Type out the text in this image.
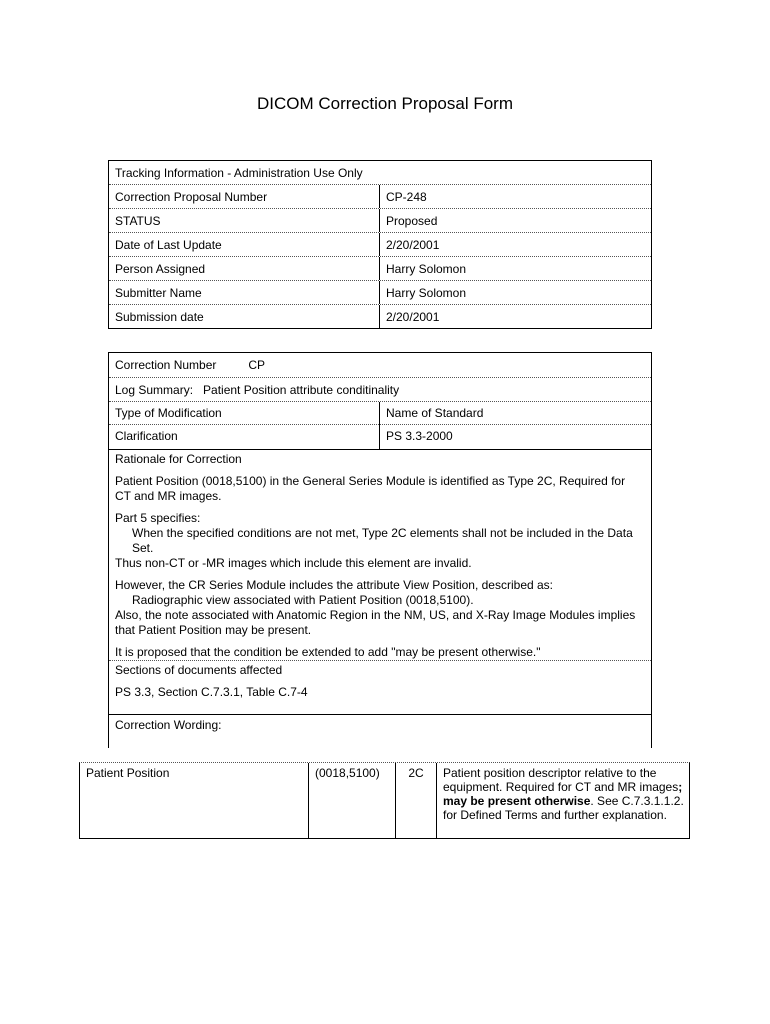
DICOM Correction Proposal Form
Tracking Information - Administration Use Only
Correction Proposal Number	CP-248
STATUS	Proposed
Date of Last Update	2/20/2001
Person Assigned	Harry Solomon
Submitter Name	Harry Solomon
Submission date	2/20/2001
Correction Number	CP
Log Summary: Patient Position attribute conditinality
Type of Modification	Name of Standard
Clarification	PS 3.3-2000

Rationale for Correction

Patient Position (0018,5100) in the General Series Module is identified as Type 2C, Required for CT and MR images.

Part 5 specifies:
When the specified conditions are not met, Type 2C elements shall not be included in the Data Set.
Thus non-CT or -MR images which include this element are invalid.
However, the CR Series Module includes the attribute View Position, described as:
Radiographic view associated with Patient Position (0018,5100).
Also, the note associated with Anatomic Region in the NM, US, and X-Ray Image Modules implies that Patient Position may be present.
It is proposed that the condition be extended to add "may be present otherwise."

Sections of documents affected

PS 3.3, Section C.7.3.1, Table C.7-4

Correction Wording:
Patient Position	(0018,5100)	2C	Patient position descriptor relative to the equipment. Required for CT and MR images; may be present otherwise. See C.7.3.1.1.2. for Defined Terms and further explanation.
